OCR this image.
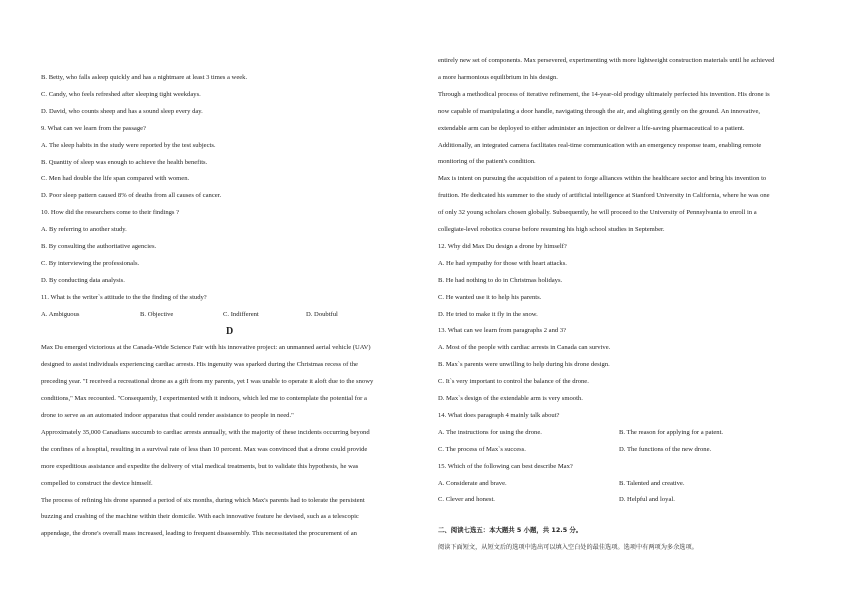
B. Betty, who falls asleep quickly and has a nightmare at least 3 times a week.
C. Candy, who feels refreshed after sleeping tight weekdays.
D. David, who counts sheep and has a sound sleep every day.
9. What can we learn from the passage?
A. The sleep habits in the study were reported by the test subjects.
B. Quantity of sleep was enough to achieve the health benefits.
C. Men had double the life span compared with women.
D. Poor sleep pattern caused 8% of deaths from all causes of cancer.
10. How did the researchers come to their findings ?
A. By referring to another study.
B. By consulting the authoritative agencies.
C. By interviewing the professionals.
D. By conducting data analysis.
11. What is the writer`s attitude to the the finding of the study?
A. Ambiguous	B. Objective	C. Indifferent	D. Doubtful
D
Max Du emerged victorious at the Canada-Wide Science Fair with his innovative project: an unmanned aerial vehicle (UAV)
designed to assist individuals experiencing cardiac arrests. His ingenuity was sparked during the Christmas recess of the
preceding year. "I received a recreational drone as a gift from my parents, yet I was unable to operate it aloft due to the snowy
conditions," Max recounted. "Consequently, I experimented with it indoors, which led me to contemplate the potential for a
drone to serve as an automated indoor apparatus that could render assistance to people in need."
Approximately 35,000 Canadians succumb to cardiac arrests annually, with the majority of these incidents occurring beyond
the confines of a hospital, resulting in a survival rate of less than 10 percent. Max was convinced that a drone could provide
more expeditious assistance and expedite the delivery of vital medical treatments, but to validate this hypothesis, he was
compelled to construct the device himself.
The process of refining his drone spanned a period of six months, during which Max's parents had to tolerate the persistent
buzzing and crashing of the machine within their domicile. With each innovative feature he devised, such as a telescopic
appendage, the drone's overall mass increased, leading to frequent disassembly. This necessitated the procurement of an
entirely new set of components. Max persevered, experimenting with more lightweight construction materials until he achieved
a more harmonious equilibrium in his design.
Through a methodical process of iterative refinement, the 14-year-old prodigy ultimately perfected his invention. His drone is
now capable of manipulating a door handle, navigating through the air, and alighting gently on the ground. An innovative,
extendable arm can be deployed to either administer an injection or deliver a life-saving pharmaceutical to a patient.
Additionally, an integrated camera facilitates real-time communication with an emergency response team, enabling remote
monitoring of the patient's condition.
Max is intent on pursuing the acquisition of a patent to forge alliances within the healthcare sector and bring his invention to
fruition. He dedicated his summer to the study of artificial intelligence at Stanford University in California, where he was one
of only 32 young scholars chosen globally. Subsequently, he will proceed to the University of Pennsylvania to enroll in a
collegiate-level robotics course before resuming his high school studies in September.
12. Why did Max Du design a drone by himself?
A. He had sympathy for those with heart attacks.
B. He had nothing to do in Christmas holidays.
C. He wanted use it to help his parents.
D. He tried to make it fly in the snow.
13. What can we learn from paragraphs 2 and 3?
A. Most of the people with cardiac arrests in Canada can survive.
B. Max`s parents were unwilling to help during his drone design.
C. It`s very important to control the balance of the drone.
D. Max`s design of the extendable arm is very smooth.
14. What does paragraph 4 mainly talk about?
A. The instructions for using the drone.	B. The reason for applying for a patent.
C. The process of Max`s success.	D. The functions of the new drone.
15. Which of the following can best describe Max?
A. Considerate and brave.	B. Talented and creative.
C. Clever and honest.	D. Helpful and loyal.
二、阅读七选五：本大题共 5 小题，共 12.5 分。
阅读下面短文，从短文后的选项中选出可以填入空白处的最佳选项。选项中有两项为多余选项。
